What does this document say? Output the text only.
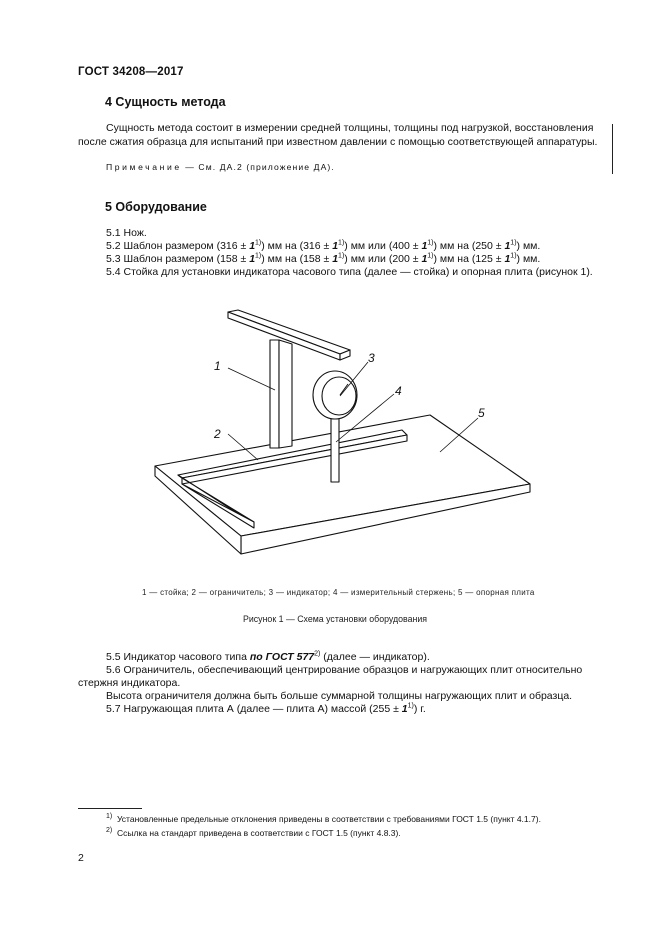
ГОСТ 34208—2017
4 Сущность метода
Сущность метода состоит в измерении средней толщины, толщины под нагрузкой, восстановления
после сжатия образца для испытаний при известном давлении с помощью соответствующей аппаратуры.
Примечание — См. ДА.2 (приложение ДА).
5 Оборудование
5.1 Нож.
5.2 Шаблон размером $(316 \pm 1^{1)})$ мм на $(316 \pm 1^{1)})$ мм или $(400 \pm 1^{1)})$ мм на $(250 \pm 1^{1)})$ мм.
5.3 Шаблон размером $(158 \pm 1^{1)})$ мм на $(158 \pm 1^{1)})$ мм или $(200 \pm 1^{1)})$ мм на $(125 \pm 1^{1)})$ мм.
5.4 Стойка для установки индикатора часового типа (далее — стойка) и опорная плита (рисунок 1).
1
2
3
4
5
1 — стойка; 2 — ограничитель; 3 — индикатор; 4 — измерительный стержень; 5 — опорная плита
Рисунок 1 — Схема установки оборудования
5.5 Индикатор часового типа по ГОСТ 577$^{2)}$ (далее — индикатор).
5.6 Ограничитель, обеспечивающий центрирование образцов и нагружающих плит относительно
стержня индикатора.
Высота ограничителя должна быть больше суммарной толщины нагружающих плит и образца.
5.7 Нагружающая плита А (далее — плита А) массой $(255 \pm 1^{1)})$ г.
$^{1)}$ Установленные предельные отклонения приведены в соответствии с требованиями ГОСТ 1.5 (пункт 4.1.7).
$^{2)}$ Ссылка на стандарт приведена в соответствии с ГОСТ 1.5 (пункт 4.8.3).
2
